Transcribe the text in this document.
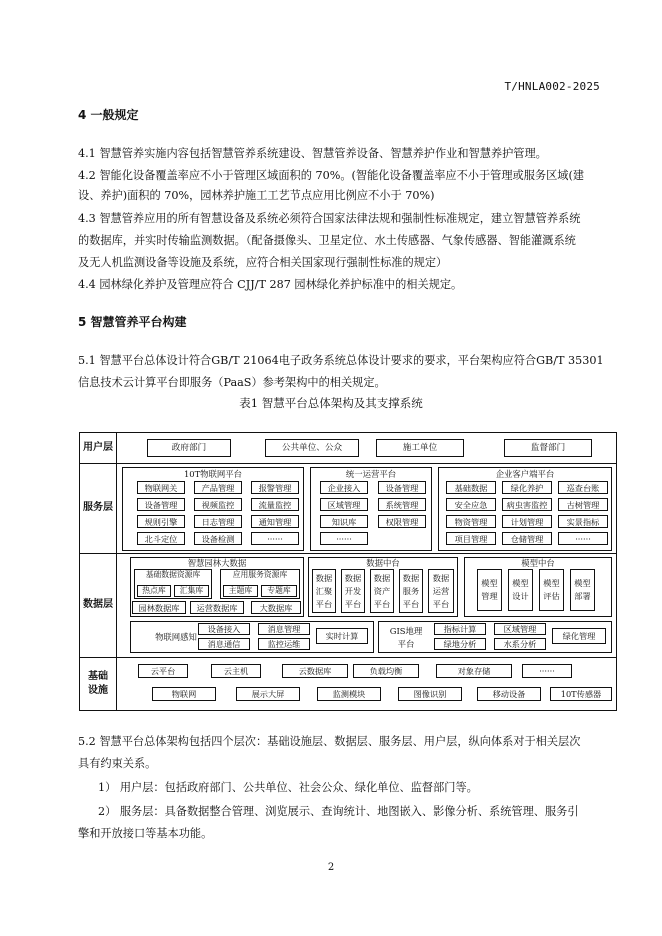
T/HNLA002-2025
4 一般规定

4.1 智慧管养实施内容包括智慧管养系统建设、智慧管养设备、智慧养护作业和智慧养护管理。

4.2 智能化设备覆盖率应不小于管理区域面积的 70%。(智能化设备覆盖率应不小于管理或服务区域(建

设、养护)面积的 70%，园林养护施工工艺节点应用比例应不小于 70%)

4.3 智慧管养应用的所有智慧设备及系统必须符合国家法律法规和强制性标准规定，建立智慧管养系统

的数据库，并实时传输监测数据。（配备摄像头、卫星定位、水土传感器、气象传感器、智能灌溉系统

及无人机监测设备等设施及系统，应符合相关国家现行强制性标准的规定）

4.4 园林绿化养护及管理应符合 CJJ/T 287 园林绿化养护标准中的相关规定。

5 智慧管养平台构建

5.1 智慧平台总体设计符合GB/T 21064电子政务系统总体设计要求的要求，平台架构应符合GB/T 35301

信息技术云计算平台即服务（PaaS）参考架构中的相关规定。

表1 智慧平台总体架构及其支撑系统
用户层
服务层
数据层
基础
设施
政府部门	公共单位、公众	施工单位	监督部门
10T物联网平台
物联网关	产品管理	报警管理
设备管理	视频监控	流量监控
规则引擎	日志管理	通知管理
北斗定位	设备检测	······
统一运营平台
企业接入	设备管理
区域管理	系统管理
知识库	权限管理
······
企业客户端平台
基础数据	绿化养护	巡查台账
安全应急	病虫害监控	古树管理
物资管理	计划管理	实景指标
项目管理	仓储管理	······
智慧园林大数据
基础数据资源库
热点库	汇集库
应用服务资源库
主题库	专题库
园林数据库	运营数据库	大数据库
数据中台
数据汇聚平台
数据开发平台
数据资产平台
数据服务平台
数据运营平台
模型中台
模型管理
模型设计
模型评估
模型部署
物联网感知
设备接入	消息管理
消息通信	监控运维
实时计算	GIS地理
平台
指标计算	区域管理
绿地分析	水系分析
绿化管理
云平台	云主机	云数据库	负载均衡	对象存储	······
物联网	展示大屏	监测模块	图像识别	移动设备	10T传感器

5.2 智慧平台总体架构包括四个层次：基础设施层、数据层、服务层、用户层，纵向体系对于相关层次

具有约束关系。

1） 用户层：包括政府部门、公共单位、社会公众、绿化单位、监督部门等。

2） 服务层：具备数据整合管理、浏览展示、查询统计、地图嵌入、影像分析、系统管理、服务引

擎和开放接口等基本功能。

2
